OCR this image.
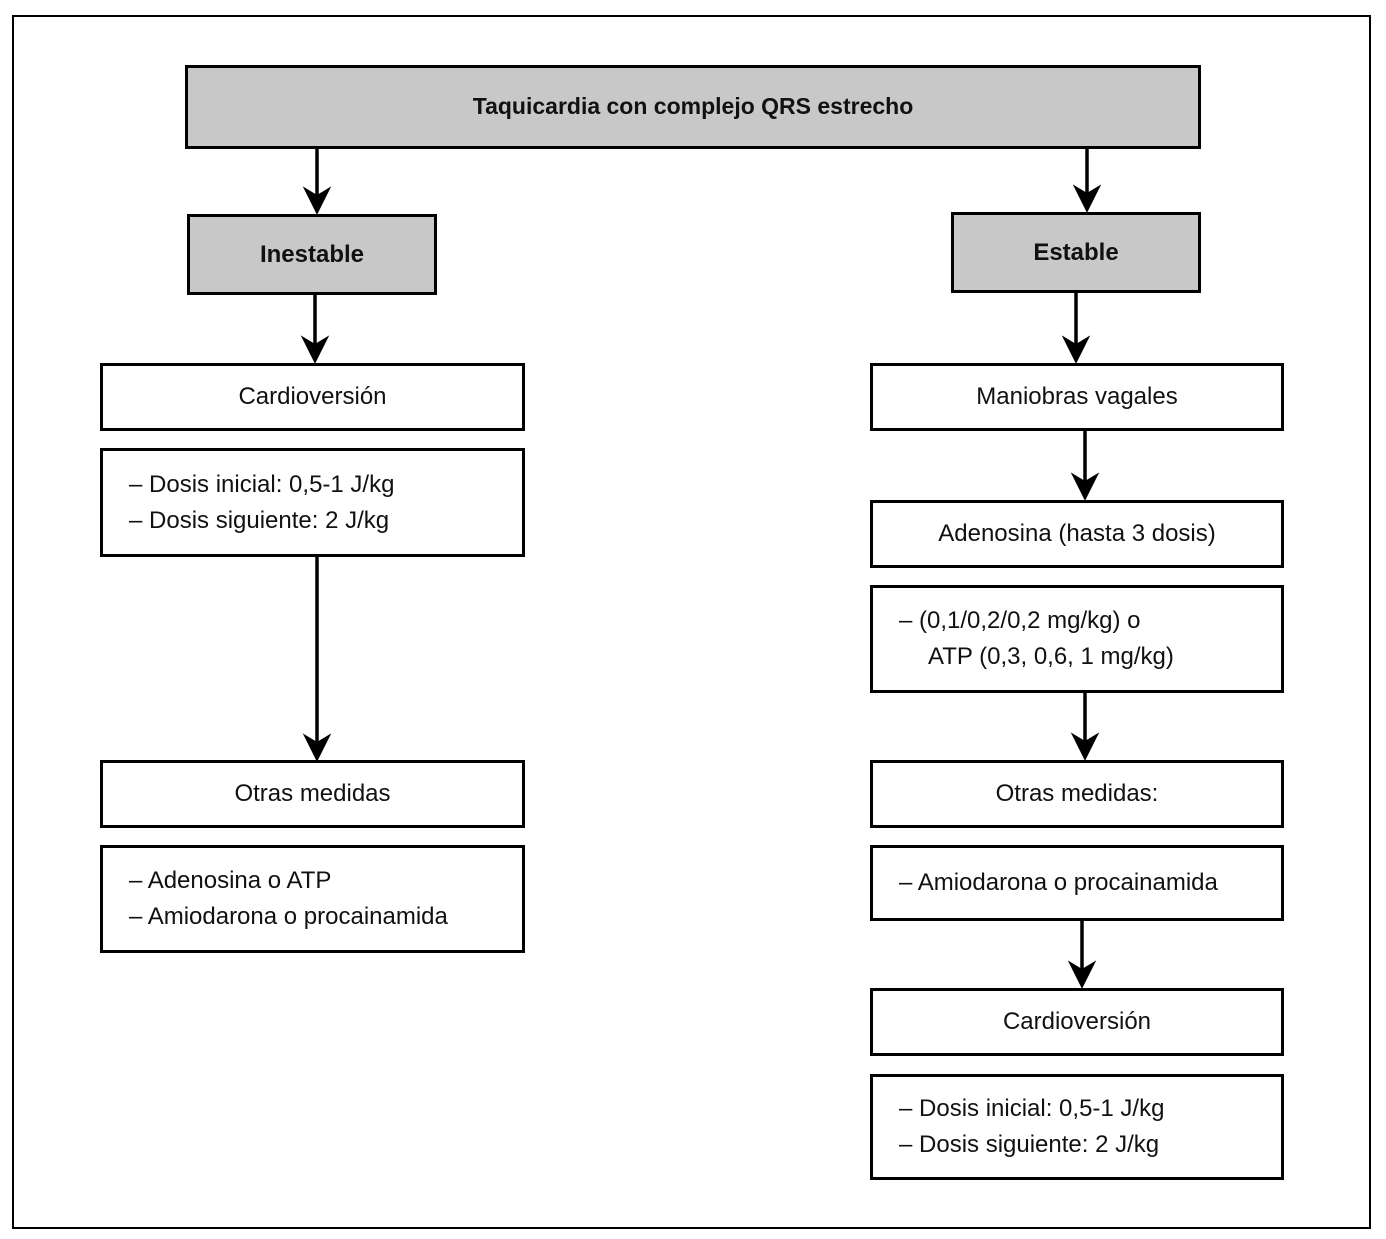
Taquicardia con complejo QRS estrecho
Inestable	Estable
Cardioversión
– Dosis inicial: 0,5-1 J/kg
– Dosis siguiente: 2 J/kg
Otras medidas
– Adenosina o ATP
– Amiodarona o procainamida
Maniobras vagales
Adenosina (hasta 3 dosis)
– (0,1/0,2/0,2 mg/kg) o
ATP (0,3, 0,6, 1 mg/kg)
Otras medidas:
– Amiodarona o procainamida
Cardioversión
– Dosis inicial: 0,5-1 J/kg
– Dosis siguiente: 2 J/kg
